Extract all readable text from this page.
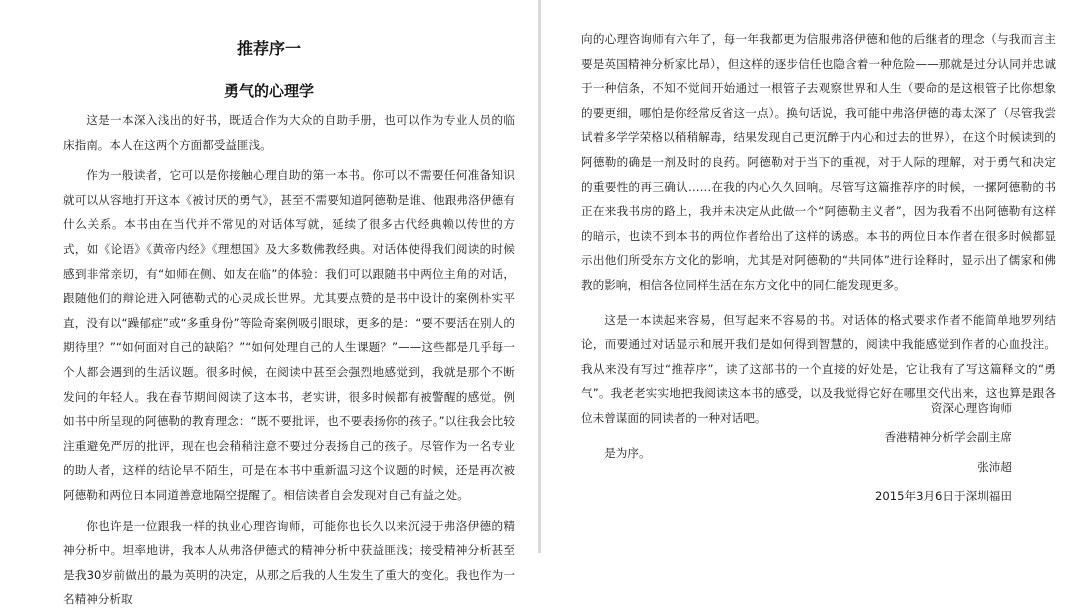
推荐序一
勇气的心理学

这是一本深入浅出的好书，既适合作为大众的自助手册，也可以作为专业人员的临床指南。本人在这两个方面都受益匪浅。

作为一般读者，它可以是你接触心理自助的第一本书。你可以不需要任何准备知识就可以从容地打开这本《被讨厌的勇气》，甚至不需要知道阿德勒是谁、他跟弗洛伊德有什么关系。本书由在当代并不常见的对话体写就，延续了很多古代经典赖以传世的方式，如《论语》《黄帝内经》《理想国》及大多数佛教经典。对话体使得我们阅读的时候感到非常亲切，有“如师在侧、如友在临”的体验：我们可以跟随书中两位主角的对话，跟随他们的辩论进入阿德勒式的心灵成长世界。尤其要点赞的是书中设计的案例朴实平直，没有以“躁郁症”或“多重身份”等险奇案例吸引眼球，更多的是：“要不要活在别人的期待里？”“如何面对自己的缺陷？”“如何处理自己的人生课题？”——这些都是几乎每一个人都会遇到的生活议题。很多时候，在阅读中甚至会强烈地感觉到，我就是那个不断发问的年轻人。我在春节期间阅读了这本书，老实讲，很多时候都有被警醒的感觉。例如书中所呈现的阿德勒的教育理念：“既不要批评，也不要表扬你的孩子。”以往我会比较注重避免严厉的批评，现在也会稍稍注意不要过分表扬自己的孩子。尽管作为一名专业的助人者，这样的结论早不陌生，可是在本书中重新温习这个议题的时候，还是再次被阿德勒和两位日本同道善意地隔空提醒了。相信读者自会发现对自己有益之处。

你也许是一位跟我一样的执业心理咨询师，可能你也长久以来沉浸于弗洛伊德的精神分析中。坦率地讲，我本人从弗洛伊德式的精神分析中获益匪浅；接受精神分析甚至是我30岁前做出的最为英明的决定，从那之后我的人生发生了重大的变化。我也作为一名精神分析取

向的心理咨询师有六年了，每一年我都更为信服弗洛伊德和他的后继者的理念（与我而言主要是英国精神分析家比昂），但这样的逐步信任也隐含着一种危险——那就是过分认同并忠诚于一种信条，不知不觉间开始通过一根管子去观察世界和人生（要命的是这根管子比你想象的要更细，哪怕是你经常反省这一点）。换句话说，我可能中弗洛伊德的毒太深了（尽管我尝试着多学学荣格以稍稍解毒，结果发现自己更沉醉于内心和过去的世界），在这个时候读到的阿德勒的确是一剂及时的良药。阿德勒对于当下的重视，对于人际的理解，对于勇气和决定的重要性的再三确认……在我的内心久久回响。尽管写这篇推荐序的时候，一摞阿德勒的书正在来我书房的路上，我并未决定从此做一个“阿德勒主义者”，因为我看不出阿德勒有这样的暗示，也读不到本书的两位作者给出了这样的诱惑。本书的两位日本作者在很多时候都显示出他们所受东方文化的影响，尤其是对阿德勒的“共同体”进行诠释时，显示出了儒家和佛教的影响，相信各位同样生活在东方文化中的同仁能发现更多。

这是一本读起来容易，但写起来不容易的书。对话体的格式要求作者不能简单地罗列结论，而要通过对话显示和展开我们是如何得到智慧的，阅读中我能感觉到作者的心血投注。我从来没有写过“推荐序”，读了这部书的一个直接的好处是，它让我有了写这篇释文的“勇气”。我老老实实地把我阅读这本书的感受，以及我觉得它好在哪里交代出来，这也算是跟各位未曾谋面的同读者的一种对话吧。

是为序。

资深心理咨询师
香港精神分析学会副主席
张沛超
2015年3月6日于深圳福田
